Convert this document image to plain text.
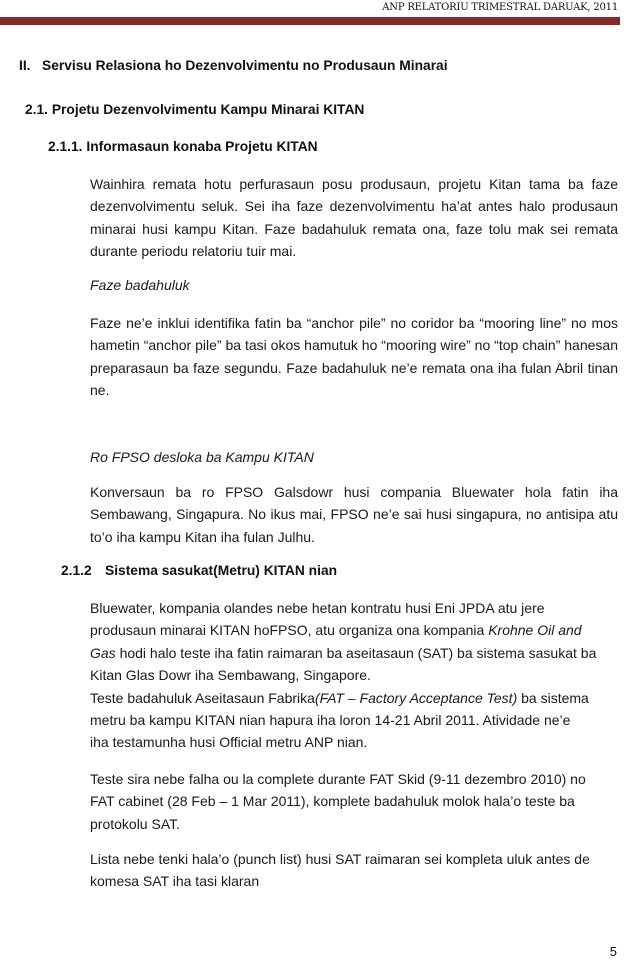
ANP RELATORIU TRIMESTRAL DARUAK, 2011
II. Servisu Relasiona ho Dezenvolvimentu no Produsaun Minarai
2.1. Projetu Dezenvolvimentu Kampu Minarai KITAN
2.1.1. Informasaun konaba Projetu KITAN
Wainhira remata hotu perfurasaun posu produsaun, projetu Kitan tama ba faze dezenvolvimentu seluk. Sei iha faze dezenvolvimentu ha’at antes halo produsaun minarai husi kampu Kitan. Faze badahuluk remata ona, faze tolu mak sei remata durante periodu relatoriu tuir mai.
Faze badahuluk
Faze ne’e inklui identifika fatin ba “anchor pile” no coridor ba “mooring line” no mos hametin “anchor pile” ba tasi okos hamutuk ho “mooring wire” no “top chain” hanesan preparasaun ba faze segundu. Faze badahuluk ne’e remata ona iha fulan Abril tinan ne.
Ro FPSO desloka ba Kampu KITAN
Konversaun ba ro FPSO Galsdowr husi compania Bluewater hola fatin iha Sembawang, Singapura. No ikus mai, FPSO ne’e sai husi singapura, no antisipa atu to’o iha kampu Kitan iha fulan Julhu.
2.1.2 Sistema sasukat(Metru) KITAN nian
Bluewater, kompania olandes nebe hetan kontratu husi Eni JPDA atu jere
produsaun minarai KITAN hoFPSO, atu organiza ona kompania Krohne Oil and
Gas hodi halo teste iha fatin raimaran ba aseitasaun (SAT) ba sistema sasukat ba
Kitan Glas Dowr iha Sembawang, Singapore.
Teste badahuluk Aseitasaun Fabrika(FAT – Factory Acceptance Test) ba sistema
metru ba kampu KITAN nian hapura iha loron 14-21 Abril 2011. Atividade ne’e
iha testamunha husi Official metru ANP nian.
Teste sira nebe falha ou la complete durante FAT Skid (9-11 dezembro 2010) no
FAT cabinet (28 Feb – 1 Mar 2011), komplete badahuluk molok hala’o teste ba
protokolu SAT.
Lista nebe tenki hala’o (punch list) husi SAT raimaran sei kompleta uluk antes de
komesa SAT iha tasi klaran
5
